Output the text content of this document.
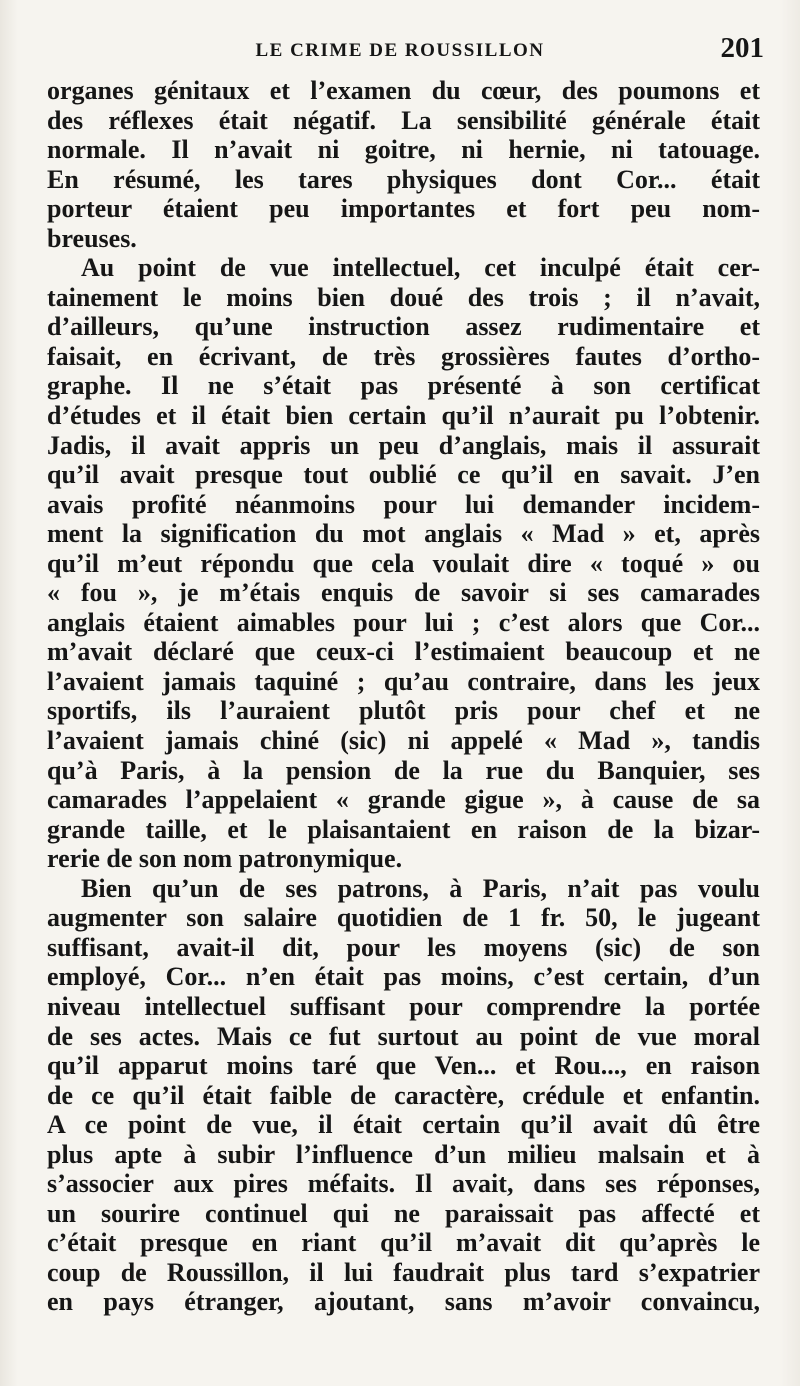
LE CRIME DE ROUSSILLON	201
organes génitaux et l’examen du cœur, des poumons et
des réflexes était négatif. La sensibilité générale était
normale. Il n’avait ni goitre, ni hernie, ni tatouage.
En résumé, les tares physiques dont Cor... était
porteur étaient peu importantes et fort peu nom-
breuses.
Au point de vue intellectuel, cet inculpé était cer-
tainement le moins bien doué des trois ; il n’avait,
d’ailleurs, qu’une instruction assez rudimentaire et
faisait, en écrivant, de très grossières fautes d’ortho-
graphe. Il ne s’était pas présenté à son certificat
d’études et il était bien certain qu’il n’aurait pu l’obtenir.
Jadis, il avait appris un peu d’anglais, mais il assurait
qu’il avait presque tout oublié ce qu’il en savait. J’en
avais profité néanmoins pour lui demander incidem-
ment la signification du mot anglais « Mad » et, après
qu’il m’eut répondu que cela voulait dire « toqué » ou
« fou », je m’étais enquis de savoir si ses camarades
anglais étaient aimables pour lui ; c’est alors que Cor...
m’avait déclaré que ceux-ci l’estimaient beaucoup et ne
l’avaient jamais taquiné ; qu’au contraire, dans les jeux
sportifs, ils l’auraient plutôt pris pour chef et ne
l’avaient jamais chiné (sic) ni appelé « Mad », tandis
qu’à Paris, à la pension de la rue du Banquier, ses
camarades l’appelaient « grande gigue », à cause de sa
grande taille, et le plaisantaient en raison de la bizar-
rerie de son nom patronymique.
Bien qu’un de ses patrons, à Paris, n’ait pas voulu
augmenter son salaire quotidien de 1 fr. 50, le jugeant
suffisant, avait-il dit, pour les moyens (sic) de son
employé, Cor... n’en était pas moins, c’est certain, d’un
niveau intellectuel suffisant pour comprendre la portée
de ses actes. Mais ce fut surtout au point de vue moral
qu’il apparut moins taré que Ven... et Rou..., en raison
de ce qu’il était faible de caractère, crédule et enfantin.
A ce point de vue, il était certain qu’il avait dû être
plus apte à subir l’influence d’un milieu malsain et à
s’associer aux pires méfaits. Il avait, dans ses réponses,
un sourire continuel qui ne paraissait pas affecté et
c’était presque en riant qu’il m’avait dit qu’après le
coup de Roussillon, il lui faudrait plus tard s’expatrier
en pays étranger, ajoutant, sans m’avoir convaincu,
